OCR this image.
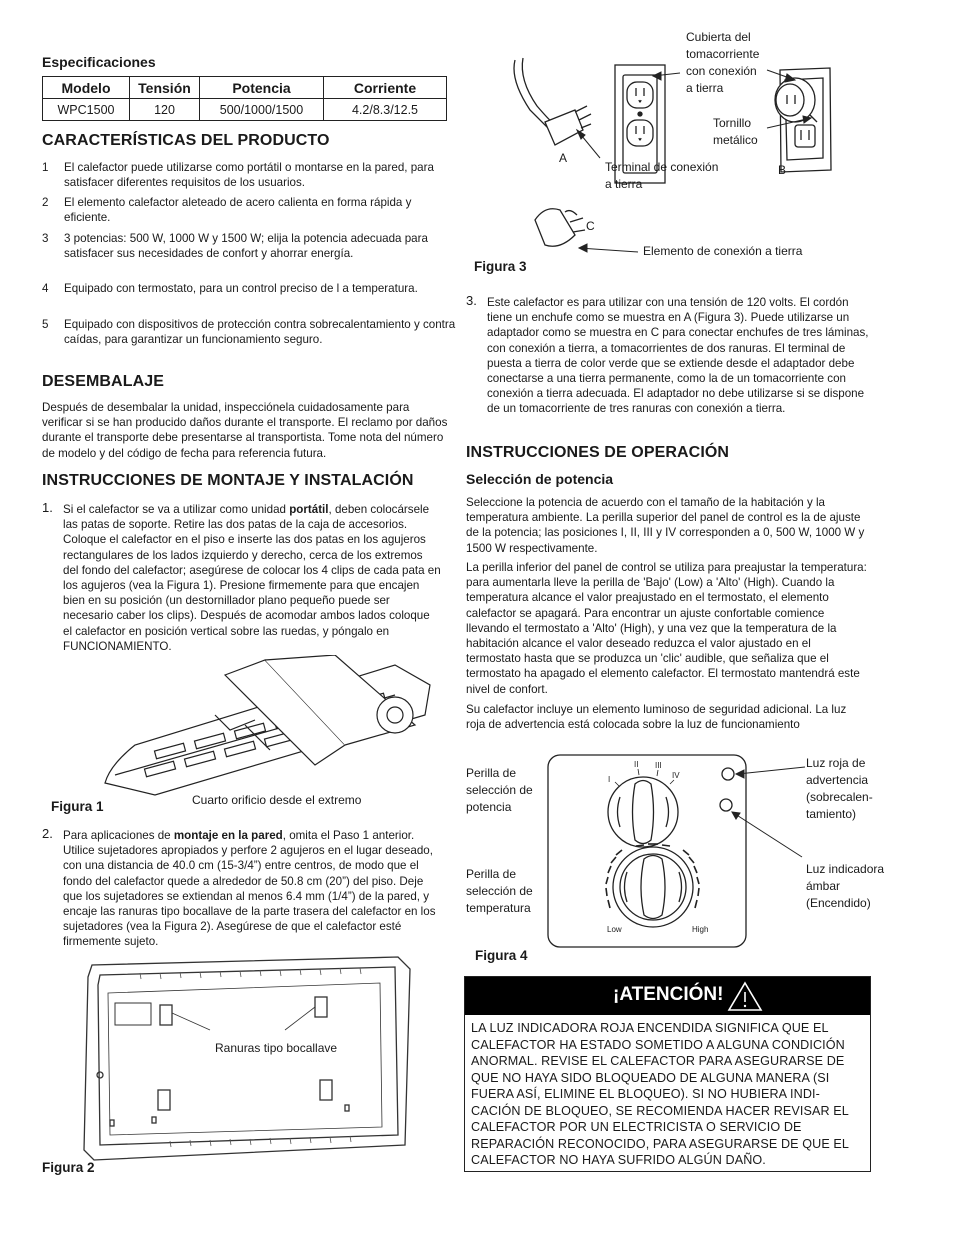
Especificaciones
Modelo	Tensión	Potencia	Corriente
WPC1500	120	500/1000/1500	4.2/8.3/12.5
CARACTERÍSTICAS DEL PRODUCTO
1 El calefactor puede utilizarse como portátil o montarse en la pared, para satisfacer diferentes requisitos de los usuarios.
2 El elemento calefactor aleteado de acero calienta en forma rápida y eficiente.
3 3 potencias: 500 W, 1000 W y 1500 W; elija la potencia adecuada para satisfacer sus necesidades de confort y ahorrar energía.
4 Equipado con termostato, para un control preciso de l a temperatura.
5 Equipado con dispositivos de protección contra sobrecalentamiento y contra caídas, para garantizar un funcionamiento seguro.
DESEMBALAJE
Después de desembalar la unidad, inspecciónela cuidadosamente para verificar si se han producido daños durante el transporte. El reclamo por daños durante el transporte debe presentarse al transportista. Tome nota del número de modelo y del código de fecha para referencia futura.
INSTRUCCIONES DE MONTAJE Y INSTALACIÓN
1. Si el calefactor se va a utilizar como unidad portátil, deben colocársele las patas de soporte. Retire las dos patas de la caja de accesorios. Coloque el calefactor en el piso e inserte las dos patas en los agujeros rectangulares de los lados izquierdo y derecho, cerca de los extremos del fondo del calefactor; asegúrese de colocar los 4 clips de cada pata en los agujeros (vea la Figura 1). Presione firmemente para que encajen bien en su posición (un destornillador plano pequeño puede ser necesario caber los clips). Después de acomodar ambos lados coloque el calefactor en posición vertical sobre las ruedas, y póngalo en FUNCIONAMIENTO.
Figura 1	Cuarto orificio desde el extremo
2. Para aplicaciones de montaje en la pared, omita el Paso 1 anterior. Utilice sujetadores apropiados y perfore 2 agujeros en el lugar deseado, con una distancia de 40.0 cm (15-3/4”) entre centros, de modo que el fondo del calefactor quede a alrededor de 50.8 cm (20”) del piso. Deje que los sujetadores se extiendan al menos 6.4 mm (1/4”) de la pared, y encaje las ranuras tipo bocallave de la parte trasera del calefactor en los sujetadores (vea la Figura 2). Asegúrese de que el calefactor esté firmemente sujeto.
Ranuras tipo bocallave
Figura 2
Cubierta del
tomacorriente
con conexión
a tierra
Tornillo
metálico
A
B
Terminal de conexión
a tierra
C
Elemento de conexión a tierra
Figura 3
3. Este calefactor es para utilizar con una tensión de 120 volts. El cordón tiene un enchufe como se muestra en A (Figura 3). Puede utilizarse un adaptador como se muestra en C para conectar enchufes de tres láminas, con conexión a tierra, a tomacorrientes de dos ranuras. El terminal de puesta a tierra de color verde que se extiende desde el adaptador debe conectarse a una tierra permanente, como la de un tomacorriente con conexión a tierra adecuada. El adaptador no debe utilizarse si se dispone de un tomacorriente de tres ranuras con conexión a tierra.
INSTRUCCIONES DE OPERACIÓN
Selección de potencia
Seleccione la potencia de acuerdo con el tamaño de la habitación y la temperatura ambiente. La perilla superior del panel de control es la de ajuste de la potencia; las posiciones I, II, III y IV corresponden a 0, 500 W, 1000 W y 1500 W respectivamente.
La perilla inferior del panel de control se utiliza para preajustar la temperatura: para aumentarla lleve la perilla de 'Bajo' (Low) a 'Alto' (High). Cuando la temperatura alcance el valor preajustado en el termostato, el elemento calefactor se apagará. Para encontrar un ajuste confortable comience llevando el termostato a 'Alto' (High), y una vez que la temperatura de la habitación alcance el valor deseado reduzca el valor ajustado en el termostato hasta que se produzca un 'clic' audible, que señaliza que el termostato ha apagado el elemento calefactor. El termostato mantendrá este nivel de confort.
Su calefactor incluye un elemento luminoso de seguridad adicional. La luz roja de advertencia está colocada sobre la luz de funcionamiento
I
II III
IV
Low	High
Perilla de
selección de
potencia
Perilla de
selección de
temperatura
Luz roja de
advertencia
(sobrecalen-
tamiento)
Luz indicadora
ámbar
(Encendido)
Figura 4
¡ATENCIÓN!
LA LUZ INDICADORA ROJA ENCENDIDA SIGNIFICA QUE EL
CALEFACTOR HA ESTADO SOMETIDO A ALGUNA CONDICIÓN
ANORMAL. REVISE EL CALEFACTOR PARA ASEGURARSE DE
QUE NO HAYA SIDO BLOQUEADO DE ALGUNA MANERA (SI
FUERA ASÍ, ELIMINE EL BLOQUEO). SI NO HUBIERA INDI-
CACIÓN DE BLOQUEO, SE RECOMIENDA HACER REVISAR EL
CALEFACTOR POR UN ELECTRICISTA O SERVICIO DE
REPARACIÓN RECONOCIDO, PARA ASEGURARSE DE QUE EL
CALEFACTOR NO HAYA SUFRIDO ALGÚN DAÑO.
